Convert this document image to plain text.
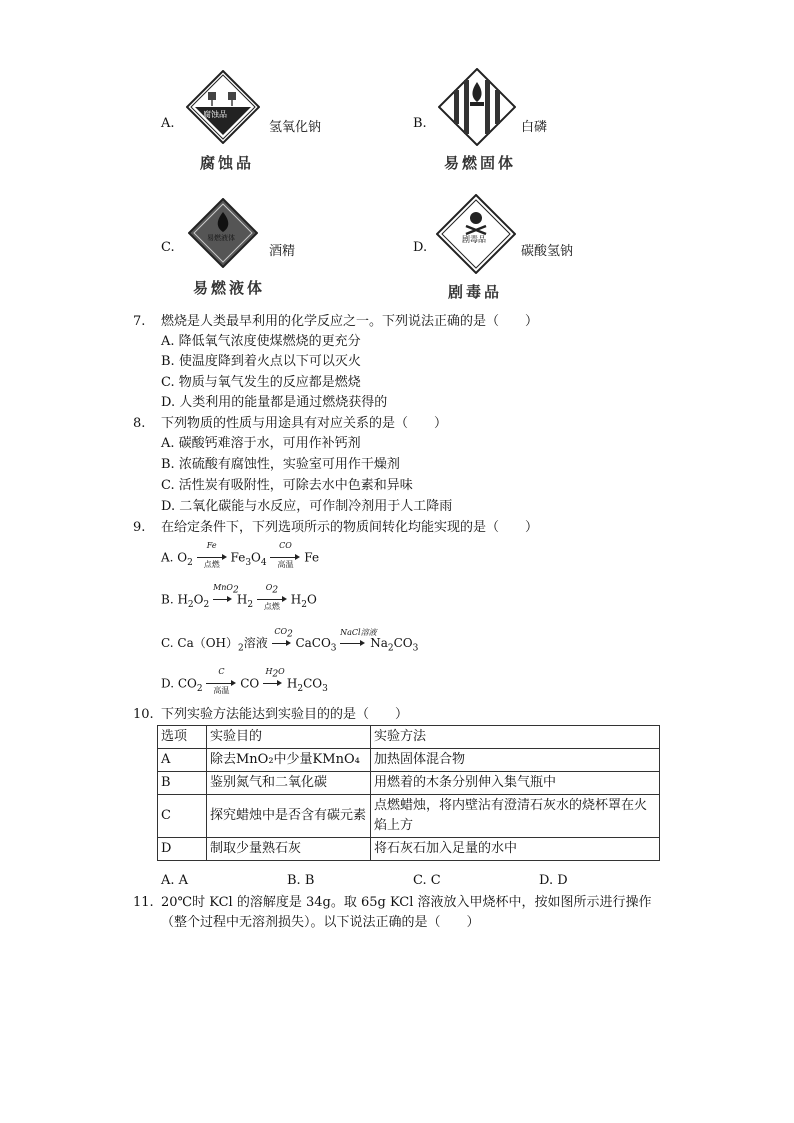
A.
腐蚀品
氢氧化钠
腐蚀品
B.	白磷
易燃固体
C.
易燃液体
酒精
易燃液体
D.
剧毒品
碳酸氢钠
剧毒品
7. 燃烧是人类最早利用的化学反应之一。下列说法正确的是（　　）
A. 降低氧气浓度使煤燃烧的更充分
B. 使温度降到着火点以下可以灭火
C. 物质与氧气发生的反应都是燃烧
D. 人类利用的能量都是通过燃烧获得的
8. 下列物质的性质与用途具有对应关系的是（　　）
A. 碳酸钙难溶于水，可用作补钙剂
B. 浓硫酸有腐蚀性，实验室可用作干燥剂
C. 活性炭有吸附性，可除去水中色素和异味
D. 二氧化碳能与水反应，可作制冷剂用于人工降雨
9. 在给定条件下，下列选项所示的物质间转化均能实现的是（　　）
A. $O_2$
Fe
点燃 $Fe_3O_4$
CO
高温 Fe
B. $H_2O_2$
MnO$_2$
$H_2$
$O_2$
点燃 $H_2O$
C. $Ca(OH)_2$溶液
$CO_2$
CaCO$_3$
NaCl溶液
$Na_2CO_3$
D. $CO_2$
C
高温 CO
$H_2O$
$H_2CO_3$
10. 下列实验方法能达到实验目的的是（　　）
选项	实验目的	实验方法
A	除去MnO₂中少量KMnO₄	加热固体混合物
B	鉴别氮气和二氧化碳	用燃着的木条分别伸入集气瓶中
C	探究蜡烛中是否含有碳元素	点燃蜡烛，将内壁沾有澄清石灰水的烧杯罩在火焰上方
D	制取少量熟石灰	将石灰石加入足量的水中
A. A	B. B	C. C	D. D
11. 20℃时 KCl 的溶解度是 34g。取 65g KCl 溶液放入甲烧杯中，按如图所示进行操作
（整个过程中无溶剂损失）。以下说法正确的是（　　）
